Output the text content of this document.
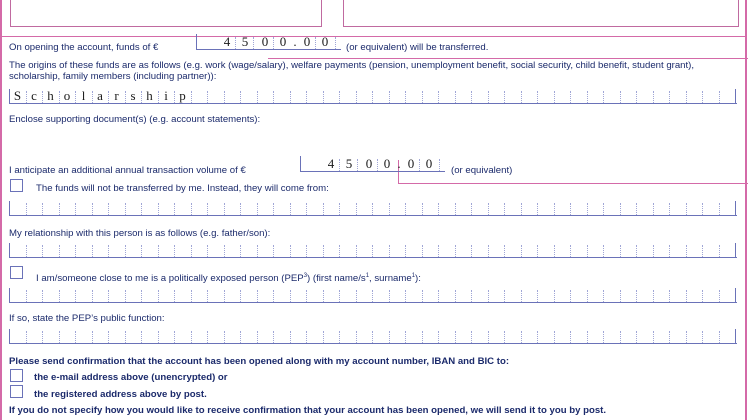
On opening the account, funds of €	4 5	0 0 . 0 0	(or equivalent) will be transferred.
The origins of these funds are as follows (e.g. work (wage/salary), welfare payments (pension, unemployment benefit, social security, child benefit, student grant), scholarship, family members (including partner)):
S c h o l a r s h i p
Enclose supporting document(s) (e.g. account statements):
I anticipate an additional annual transaction volume of €	4 5	0 0 . 0 0	(or equivalent)
The funds will not be transferred by me. Instead, they will come from:
My relationship with this person is as follows (e.g. father/son):
I am/someone close to me is a politically exposed person (PEP$^3$) (first name/$s^1$, surname$^1$):
If so, state the PEP’s public function:
Please send confirmation that the account has been opened along with my account number, IBAN and BIC to:
the e-mail address above (unencrypted) or
the registered address above by post.
If you do not specify how you would like to receive confirmation that your account has been opened, we will send it to you by post.
